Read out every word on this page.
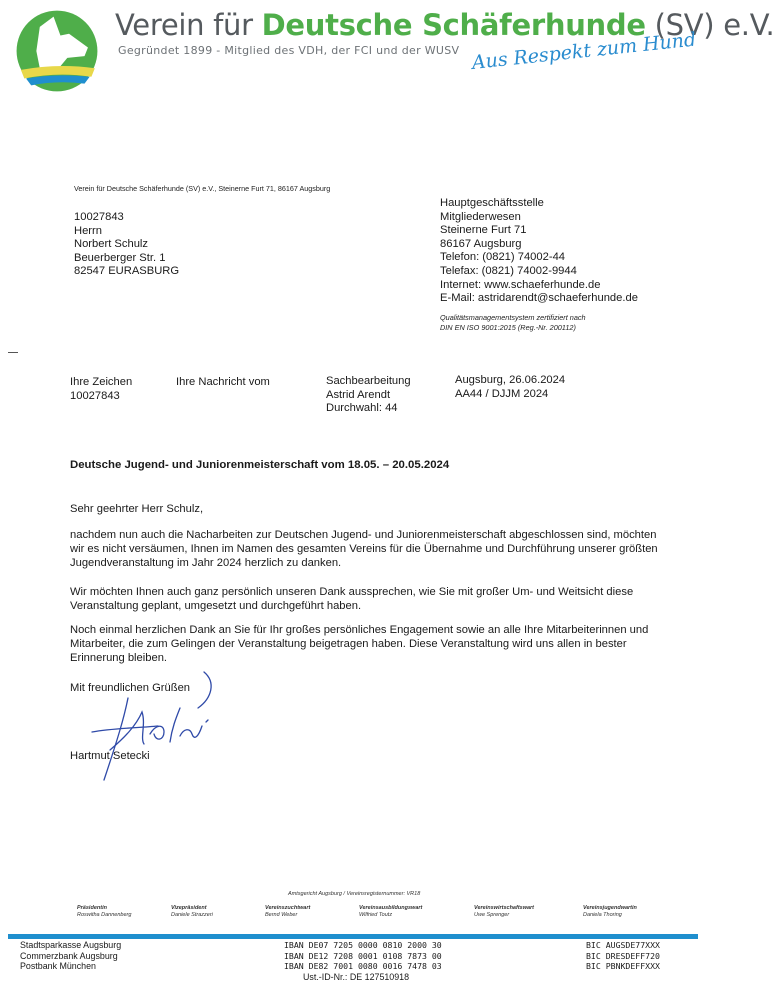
Verein für Deutsche Schäferhunde (SV) e.V.
Gegründet 1899 - Mitglied des VDH, der FCI und der WUSV Aus Respekt zum Hund
Verein für Deutsche Schäferhunde (SV) e.V., Steinerne Furt 71, 86167 Augsburg
10027843
Herrn
Norbert Schulz
Beuerberger Str. 1
82547 EURASBURG
Hauptgeschäftsstelle
Mitgliederwesen
Steinerne Furt 71
86167 Augsburg
Telefon: (0821) 74002-44
Telefax: (0821) 74002-9944
Internet: www.schaeferhunde.de
E-Mail: astridarendt@schaeferhunde.de
Qualitätsmanagementsystem zertifiziert nach
DIN EN ISO 9001:2015 (Reg.-Nr. 200112)
Ihre Zeichen
10027843
Ihre Nachricht vom	Sachbearbeitung
Astrid Arendt
Durchwahl: 44
Augsburg, 26.06.2024
AA44 / DJJM 2024
Deutsche Jugend- und Juniorenmeisterschaft vom 18.05. – 20.05.2024
Sehr geehrter Herr Schulz,
nachdem nun auch die Nacharbeiten zur Deutschen Jugend- und Juniorenmeisterschaft abgeschlossen sind, möchten wir es nicht versäumen, Ihnen im Namen des gesamten Vereins für die Übernahme und Durchführung unserer größten Jugendveranstaltung im Jahr 2024 herzlich zu danken.
Wir möchten Ihnen auch ganz persönlich unseren Dank aussprechen, wie Sie mit großer Um- und Weitsicht diese Veranstaltung geplant, umgesetzt und durchgeführt haben.
Noch einmal herzlichen Dank an Sie für Ihr großes persönliches Engagement sowie an alle Ihre Mitarbeiterinnen und Mitarbeiter, die zum Gelingen der Veranstaltung beigetragen haben. Diese Veranstaltung wird uns allen in bester Erinnerung bleiben.
Mit freundlichen Grüßen
Hartmut Setecki
Amtsgericht Augsburg / Vereinsregisternummer: VR18
Präsidentin
Roswitha Dannenberg
Vizepräsident
Daniele Strazzeri
Vereinszuchtwart
Bernd Weber
Vereinsausbildungswart
Wilfried Toutz
Vereinswirtschaftswart
Uwe Sprenger
Vereinsjugendwartin
Daniela Thoring
Stadtsparkasse Augsburg
Commerzbank Augsburg
Postbank München
IBAN DE07 7205 0000 0810 2000 30
IBAN DE12 7208 0001 0108 7873 00
IBAN DE82 7001 0080 0016 7478 03
BIC AUGSDE77XXX
BIC DRESDEFF720
BIC PBNKDEFFXXX
Ust.-ID-Nr.: DE 127510918
